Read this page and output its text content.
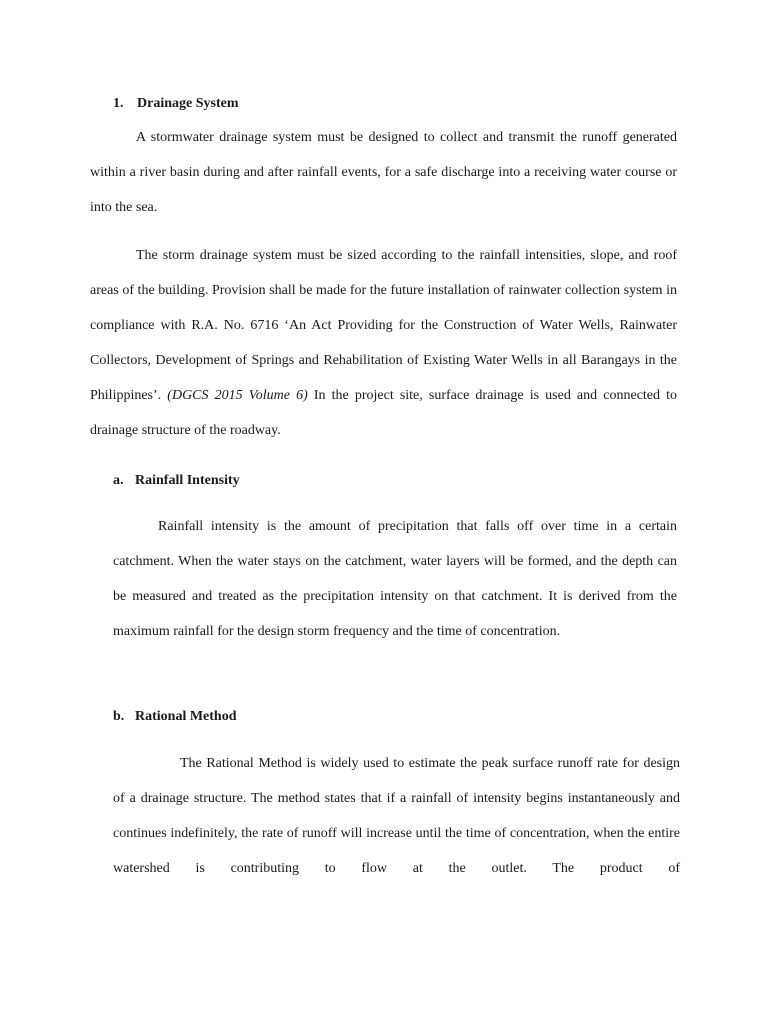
1. Drainage System
A stormwater drainage system must be designed to collect and transmit the runoff generated within a river basin during and after rainfall events, for a safe discharge into a receiving water course or into the sea.
The storm drainage system must be sized according to the rainfall intensities, slope, and roof areas of the building. Provision shall be made for the future installation of rainwater collection system in compliance with R.A. No. 6716 ‘An Act Providing for the Construction of Water Wells, Rainwater Collectors, Development of Springs and Rehabilitation of Existing Water Wells in all Barangays in the Philippines’. (DGCS 2015 Volume 6) In the project site, surface drainage is used and connected to drainage structure of the roadway.
a. Rainfall Intensity
Rainfall intensity is the amount of precipitation that falls off over time in a certain catchment. When the water stays on the catchment, water layers will be formed, and the depth can be measured and treated as the precipitation intensity on that catchment. It is derived from the maximum rainfall for the design storm frequency and the time of concentration.
b. Rational Method
The Rational Method is widely used to estimate the peak surface runoff rate for design of a drainage structure. The method states that if a rainfall of intensity begins instantaneously and continues indefinitely, the rate of runoff will increase until the time of concentration, when the entire watershed is contributing to flow at the outlet. The product of
